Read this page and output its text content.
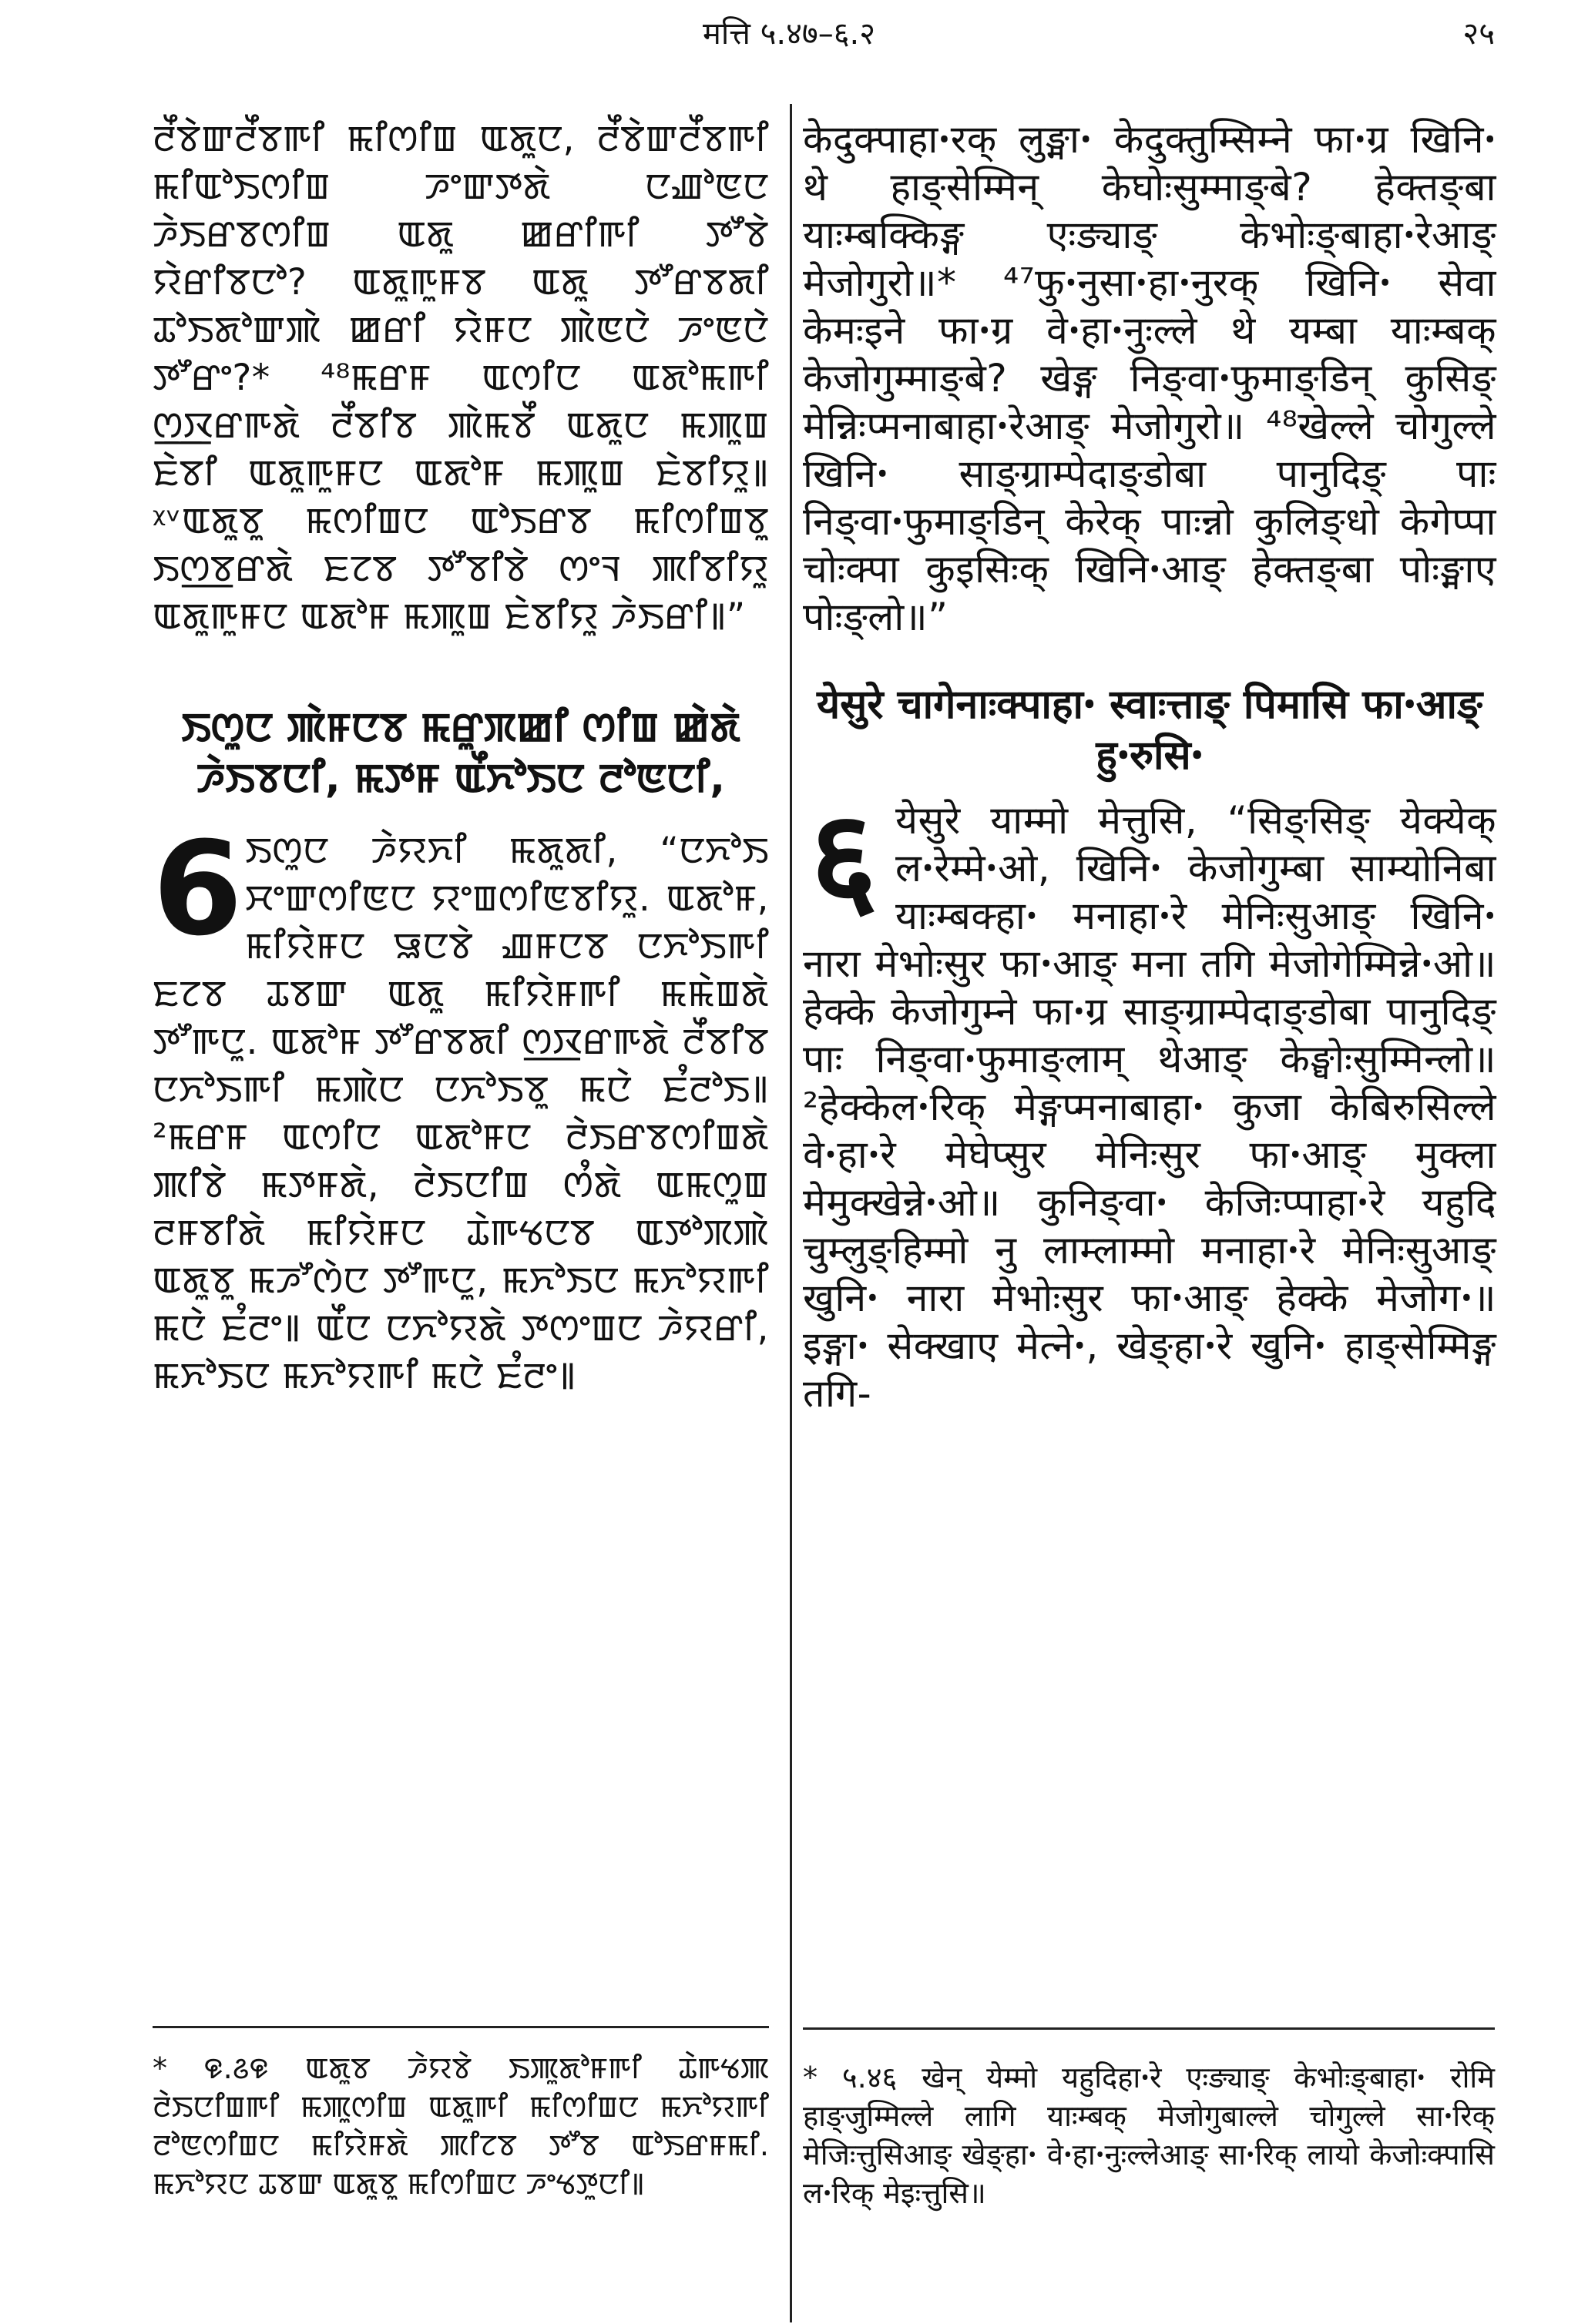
मत्ति ५.४७–६.२	२५

ꯂꯩꯕꯥꯛꯂꯩꯕꯒꯤ ꯃꯤꯁꯤꯡ ꯑꯗꯨꯅ, ꯂꯩꯕꯥꯛꯂꯩꯕꯒꯤ ꯃꯤꯑꯣꯏꯁꯤꯡ ꯍꯦꯛꯇꯗꯥ ꯅꯉꯣꯟꯅ ꯍꯥꯏꯔꯕꯁꯤꯡ ꯑꯗꯨ ꯀꯔꯤꯒꯤ ꯇꯧꯕꯥ ꯌꯥꯔꯤꯕꯅꯣ? ꯑꯗꯨꯒꯨꯝꯕ ꯑꯗꯨ ꯇꯧꯔꯕꯗꯤ ꯊꯣꯏꯗꯣꯛꯄꯥ ꯀꯔꯤ ꯌꯥꯝꯅ ꯄꯥꯟꯅꯥ ꯍꯦꯟꯅꯥ ꯇꯧꯔꯦ?* ⁴⁸ꯃꯔꯝ ꯑꯁꯤꯅ ꯑꯗꯣꯃꯒꯤ ꯁ꯭ꯋꯔꯒꯗꯥ ꯂꯩꯕꯤꯕ ꯄꯥꯃꯕꯩ ꯑꯗꯨꯅ ꯃꯄꯨꯡ ꯐꯥꯕꯤ ꯑꯗꯨꯒꯨꯝꯅ ꯑꯗꯣꯝ ꯃꯄꯨꯡ ꯐꯥꯕꯤꯌꯨ꯫ ᵡᵛꯑꯗꯨꯕꯨ ꯃꯁꯤꯡꯅ ꯑꯣꯏꯔꯕ ꯃꯤꯁꯤꯡꯕꯨ ꯏꯁ꯭ꯕꯔꯗꯥ ꯐꯖꯕ ꯇꯧꯕꯤꯕꯥ ꯁꯦꯜ ꯄꯤꯕꯤꯌꯨ ꯑꯗꯨꯒꯨꯝꯅ ꯑꯗꯣꯝ ꯃꯄꯨꯡ ꯐꯥꯕꯤꯌꯨ ꯍꯥꯏꯔꯤ꯫”

ꯏꯁꯨꯅ ꯄꯥꯝꯅꯕ ꯃꯔꯨꯞꯀꯤ ꯁꯤꯡ ꯀꯥꯗꯥ ꯍꯥꯏꯕꯅꯤ, ꯃꯇꯝ ꯑꯩꯈꯣꯏꯅ ꯂꯣꯟꯅꯤ,

6 ꯏꯁꯨꯅ ꯍꯥꯌꯈꯤ ꯃꯗꯨꯗꯤ, “ꯅꯈꯣꯏ ꯆꯦꯛꯁꯤꯟꯅ ꯌꯦꯡꯁꯤꯟꯕꯤꯌꯨ. ꯑꯗꯣꯝ, ꯃꯤꯌꯥꯝꯅ ꯎꯅꯕꯥ ꯉꯝꯅꯕ ꯅꯈꯣꯏꯒꯤ ꯐꯖꯕ ꯊꯕꯛ ꯑꯗꯨ ꯃꯤꯌꯥꯝꯒꯤ ꯃꯃꯥꯡꯗꯥ ꯇꯧꯒꯅꯨ. ꯑꯗꯣꯝ ꯇꯧꯔꯕꯗꯤ ꯁ꯭ꯋꯔꯒꯗꯥ ꯂꯩꯕꯤꯕ ꯅꯈꯣꯏꯒꯤ ꯃꯄꯥꯅ ꯅꯈꯣꯏꯕꯨ ꯃꯅꯥ ꯐꯪꯂꯣꯏ꯫ ²ꯃꯔꯝ ꯑꯁꯤꯅ ꯑꯗꯣꯝꯅ ꯂꯥꯏꯔꯕꯁꯤꯡꯗꯥ ꯄꯤꯕꯥ ꯃꯇꯝꯗꯥ, ꯂꯥꯏꯅꯤꯡ ꯁꯪꯗꯥ ꯑꯃꯁꯨꯡ ꯂꯝꯕꯤꯗꯥ ꯃꯤꯌꯥꯝꯅ ꯊꯥꯒꯠꯅꯕ ꯑꯇꯣꯞꯄꯥ ꯑꯗꯨꯕꯨ ꯃꯍꯧꯁꯥꯅ ꯇꯧꯒꯅꯨ, ꯃꯈꯣꯏꯅ ꯃꯈꯣꯌꯒꯤ ꯃꯅꯥ ꯐꯪꯂꯦ꯫ ꯑꯩꯅ ꯅꯈꯣꯌꯗꯥ ꯇꯁꯦꯡꯅ ꯍꯥꯌꯔꯤ, ꯃꯈꯣꯏꯅ ꯃꯈꯣꯌꯒꯤ ꯃꯅꯥ ꯐꯪꯂꯦ꯫

केदुक्पाहाꞏरक् लुङ्माꞏ केदुक्तुम्सिम्ने फाꞏग्र खिनिꞏ थे हाङ्सेम्मिन् केघोःसुम्माङ्बे? हेक्तङ्बा याःम्बक्किङ्ग एःङ्याङ् केभोःङ्बाहाꞏरेआङ् मेजोगुरो॥* ⁴⁷फुꞏनुसाꞏहाꞏनुरक् खिनिꞏ सेवा केमःइने फाꞏग्र वेꞏहाꞏनुःल्ले थे यम्बा याःम्बक् केजोगुम्माङ्बे? खेङ्ग निङ्वाꞏफुमाङ्डिन् कुसिङ् मेन्निःप्मनाबाहाꞏरेआङ् मेजोगुरो॥ ⁴⁸खेल्ले चोगुल्ले खिनिꞏ साङ्ग्राम्पेदाङ्डोबा पानुदिङ् पाः निङ्वाꞏफुमाङ्डिन् केरेक् पाःन्नो कुलिङ्धो केगेप्पा चोःक्पा कुइसिःक् खिनिꞏआङ् हेक्तङ्बा पोःङ्माए पोःङ्लो॥”

येसुरे चागेनाःक्पाहाꞏ स्वाःत्ताङ् पिमासि फाꞏआङ् हुꞏरुसिꞏ

६ येसुरे याम्मो मेत्तुसि, “सिङ्सिङ् येक्येक् लꞏरेम्मेꞏओ, खिनिꞏ केजोगुम्बा साम्योनिबा याःम्बक्हाꞏ मनाहाꞏरे मेनिःसुआङ् खिनिꞏ नारा मेभोःसुर फाꞏआङ् मना तगि मेजोगेम्मिन्नेꞏओ॥ हेक्के केजोगुम्ने फाꞏग्र साङ्ग्राम्पेदाङ्डोबा पानुदिङ् पाः निङ्वाꞏफुमाङ्लाम् थेआङ् केङ्घोःसुम्मिन्लो॥ ²हेक्केलꞏरिक् मेङ्गप्मनाबाहाꞏ कुजा केबिरुसिल्ले वेꞏहाꞏरे मेघेप्सुर मेनिःसुर फाꞏआङ् मुक्ला मेमुक्खेन्नेꞏओ॥ कुनिङ्वाꞏ केजिःप्पाहाꞏरे यहुदि चुम्लुङ्हिम्मो नु लाम्लाम्मो मनाहाꞏरे मेनिःसुआङ् खुनिꞏ नारा मेभोःसुर फाꞏआङ् हेक्के मेजोगꞏ॥ इङ्गाꞏ सेक्खाए मेत्नेꞏ, खेङ्हाꞏरे खुनिꞏ हाङ्सेम्मिङ्ग तगि-

* ꯶.꯴꯶ ꯑꯗꯨꯕ ꯍꯥꯌꯕꯥ ꯏꯄꯨꯗꯣꯝꯒꯤ ꯊꯥꯒꯠꯄ ꯂꯥꯏꯅꯤꯡꯒꯤ ꯃꯄꯨꯁꯤꯡ ꯑꯗꯨꯒꯤ ꯃꯤꯁꯤꯡꯅ ꯃꯈꯣꯌꯒꯤ ꯂꯣꯟꯁꯤꯡꯅ ꯃꯤꯌꯥꯝꯗꯥ ꯄꯤꯖꯕ ꯇꯧꯕ ꯑꯣꯏꯔꯝꯃꯤ. ꯃꯈꯣꯌꯅ ꯊꯕꯛ ꯑꯗꯨꯕꯨ ꯃꯤꯁꯤꯡꯅ ꯍꯦꯠꯇꯨꯅꯤ꯫

* ५.४६ खेन् येम्मो यहुदिहाꞏरे एःङ्याङ् केभोःङ्बाहाꞏ रोमि हाङ्जुम्मिल्ले लागि याःम्बक् मेजोगुबाल्ले चोगुल्ले साꞏरिक् मेजिःत्तुसिआङ् खेङ्हाꞏ वेꞏहाꞏनुःल्लेआङ् साꞏरिक् लायो केजोःक्पासि लꞏरिक् मेइःत्तुसि॥
